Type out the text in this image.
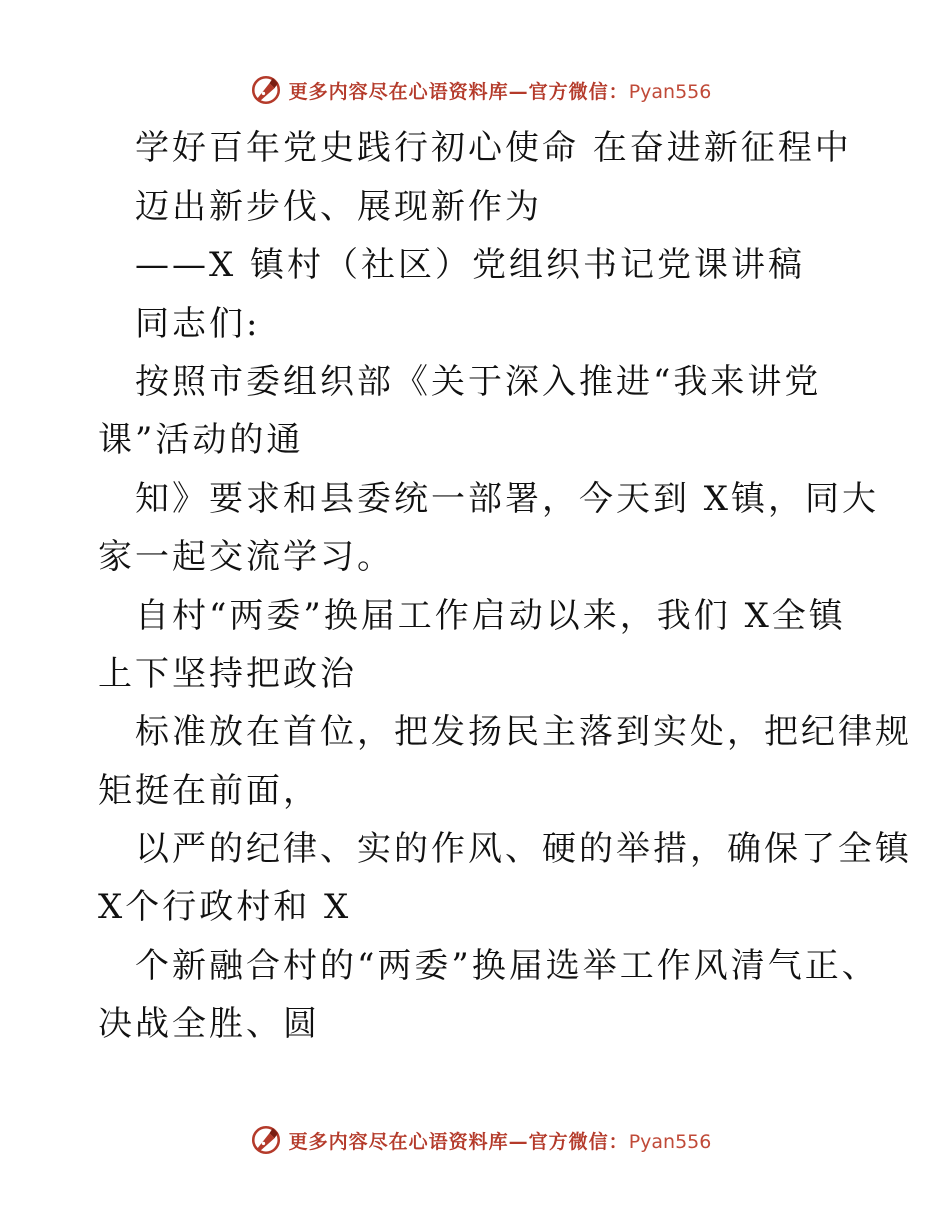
更多内容尽在心语资料库—官方微信：Pyan556
学好百年党史践行初心使命 在奋进新征程中
迈出新步伐、展现新作为
——X 镇村（社区）党组织书记党课讲稿
同志们:
按照市委组织部《关于深入推进“我来讲党
课”活动的通
知》要求和县委统一部署，今天到 X镇，同大
家一起交流学习。
自村“两委”换届工作启动以来，我们 X全镇
上下坚持把政治
标准放在首位，把发扬民主落到实处，把纪律规
矩挺在前面，
以严的纪律、实的作风、硬的举措，确保了全镇
X个行政村和 X
个新融合村的“两委”换届选举工作风清气正、
决战全胜、圆
更多内容尽在心语资料库—官方微信：Pyan556
